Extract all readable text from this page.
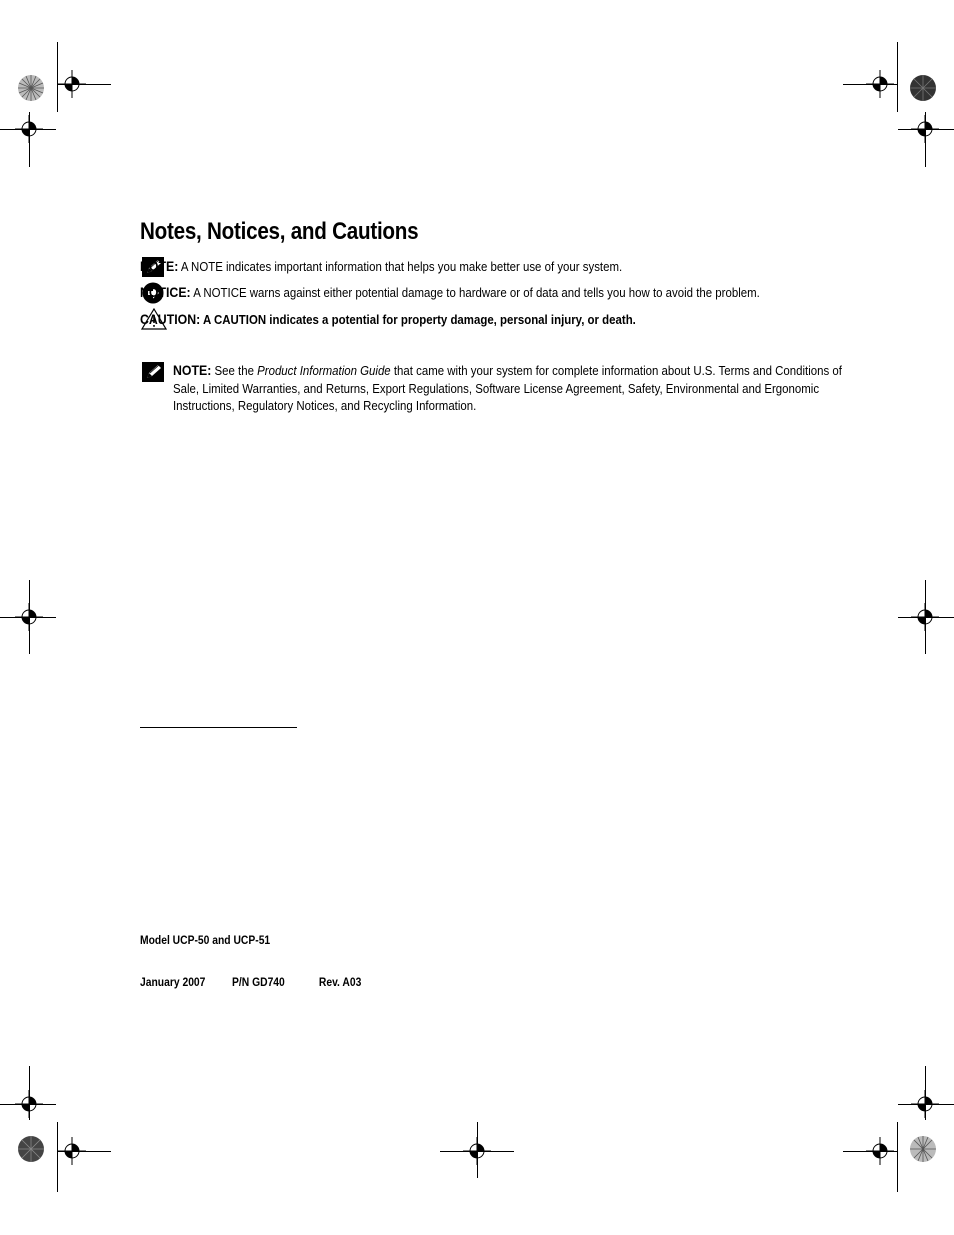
Notes, Notices, and Cautions
NOTE: A NOTE indicates important information that helps you make better use of your system.
NOTICE: A NOTICE warns against either potential damage to hardware or of data and tells you how to avoid the problem.
CAUTION: A CAUTION indicates a potential for property damage, personal injury, or death.
NOTE: See the Product Information Guide that came with your system for complete information about U.S. Terms and Conditions of Sale, Limited Warranties, and Returns, Export Regulations, Software License Agreement, Safety, Environmental and Ergonomic Instructions, Regulatory Notices, and Recycling Information.
Model UCP-50 and UCP-51
January 2007 P/N GD740	Rev. A03
